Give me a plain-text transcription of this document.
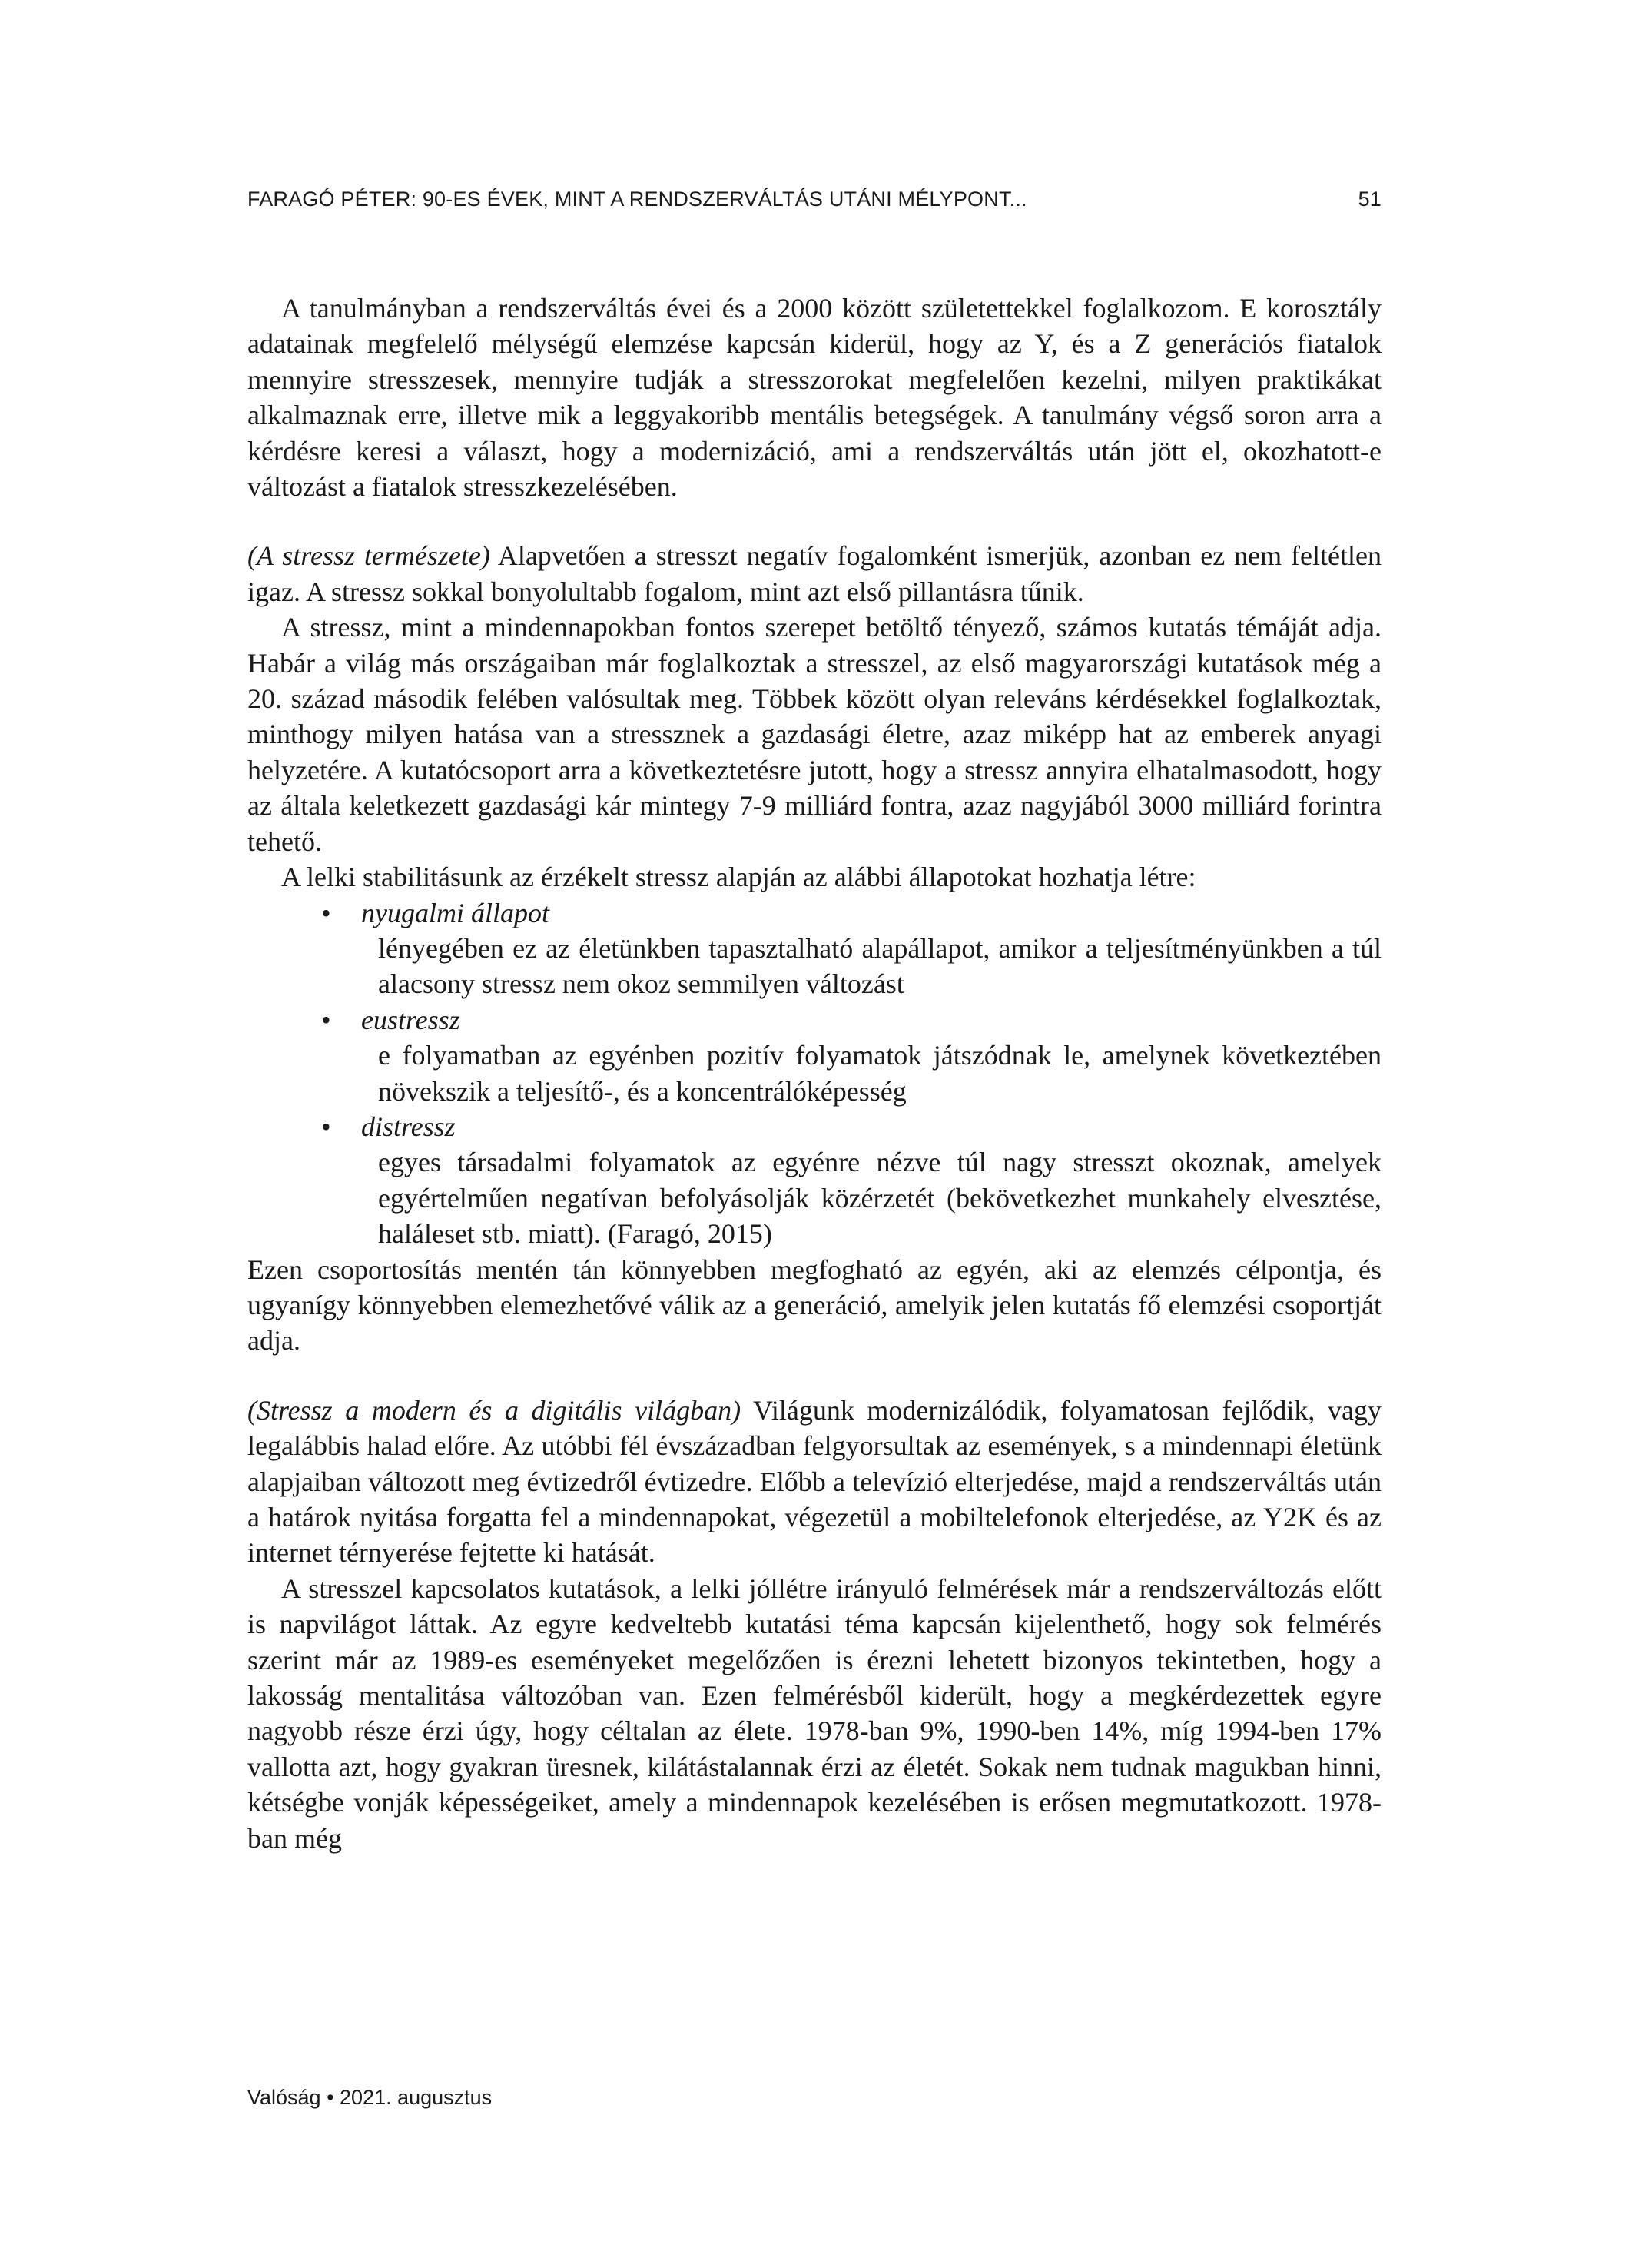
FARAGÓ PÉTER: 90-ES ÉVEK, MINT A RENDSZERVÁLTÁS UTÁNI MÉLYPONT...	51

A tanulmányban a rendszerváltás évei és a 2000 között születettekkel foglalkozom. E korosztály adatainak megfelelő mélységű elemzése kapcsán kiderül, hogy az Y, és a Z generációs fiatalok mennyire stresszesek, mennyire tudják a stresszorokat megfelelően kezelni, milyen praktikákat alkalmaznak erre, illetve mik a leggyakoribb mentális betegségek. A tanulmány végső soron arra a kérdésre keresi a választ, hogy a modernizáció, ami a rendszerváltás után jött el, okozhatott-e változást a fiatalok stresszkezelésében.

(A stressz természete) Alapvetően a stresszt negatív fogalomként ismerjük, azonban ez nem feltétlen igaz. A stressz sokkal bonyolultabb fogalom, mint azt első pillantásra tűnik.

A stressz, mint a mindennapokban fontos szerepet betöltő tényező, számos kutatás témáját adja. Habár a világ más országaiban már foglalkoztak a stresszel, az első magyarországi kutatások még a 20. század második felében valósultak meg. Többek között olyan releváns kérdésekkel foglalkoztak, minthogy milyen hatása van a stressznek a gazdasági életre, azaz miképp hat az emberek anyagi helyzetére. A kutatócsoport arra a következtetésre jutott, hogy a stressz annyira elhatalmasodott, hogy az általa keletkezett gazdasági kár mintegy 7-9 milliárd fontra, azaz nagyjából 3000 milliárd forintra tehető.

A lelki stabilitásunk az érzékelt stressz alapján az alábbi állapotokat hozhatja létre:

• nyugalmi állapot
lényegében ez az életünkben tapasztalható alapállapot, amikor a teljesítményünkben a túl alacsony stressz nem okoz semmilyen változást
• eustressz
e folyamatban az egyénben pozitív folyamatok játszódnak le, amelynek következtében növekszik a teljesítő-, és a koncentrálóképesség
• distressz
egyes társadalmi folyamatok az egyénre nézve túl nagy stresszt okoznak, amelyek egyértelműen negatívan befolyásolják közérzetét (bekövetkezhet munkahely elvesztése, haláleset stb. miatt). (Faragó, 2015)

Ezen csoportosítás mentén tán könnyebben megfogható az egyén, aki az elemzés célpontja, és ugyanígy könnyebben elemezhetővé válik az a generáció, amelyik jelen kutatás fő elemzési csoportját adja.

(Stressz a modern és a digitális világban) Világunk modernizálódik, folyamatosan fejlődik, vagy legalábbis halad előre. Az utóbbi fél évszázadban felgyorsultak az események, s a mindennapi életünk alapjaiban változott meg évtizedről évtizedre. Előbb a televízió elterjedése, majd a rendszerváltás után a határok nyitása forgatta fel a mindennapokat, végezetül a mobiltelefonok elterjedése, az Y2K és az internet térnyerése fejtette ki hatását.

A stresszel kapcsolatos kutatások, a lelki jóllétre irányuló felmérések már a rendszerváltozás előtt is napvilágot láttak. Az egyre kedveltebb kutatási téma kapcsán kijelenthető, hogy sok felmérés szerint már az 1989-es eseményeket megelőzően is érezni lehetett bizonyos tekintetben, hogy a lakosság mentalitása változóban van. Ezen felmérésből kiderült, hogy a megkérdezettek egyre nagyobb része érzi úgy, hogy céltalan az élete. 1978-ban 9%, 1990-ben 14%, míg 1994-ben 17% vallotta azt, hogy gyakran üresnek, kilátástalannak érzi az életét. Sokak nem tudnak magukban hinni, kétségbe vonják képességeiket, amely a mindennapok kezelésében is erősen megmutatkozott. 1978-ban még

Valóság • 2021. augusztus
